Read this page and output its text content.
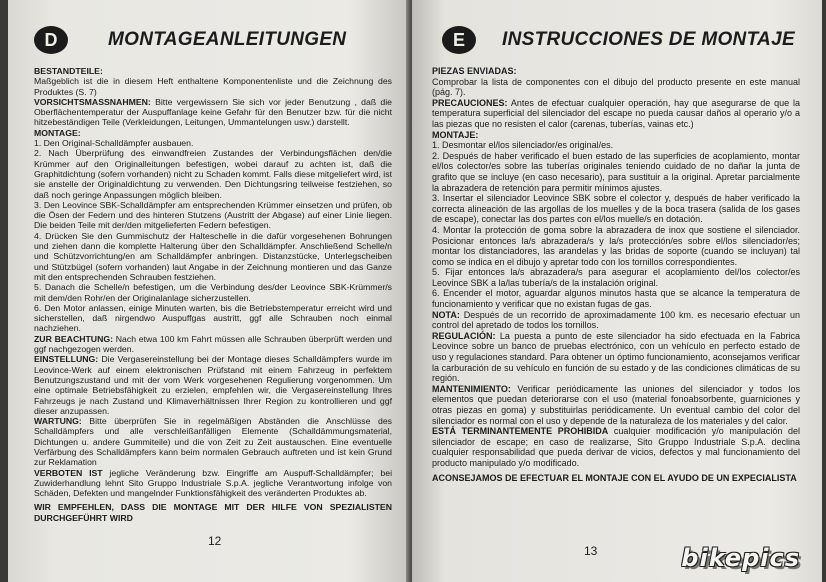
D	MONTAGEANLEITUNGEN

BESTANDTEILE:

Maßgeblich ist die in diesem Heft enthaltene Komponentenliste und die Zeichnung des Produktes (S. 7)

VORSICHTSMASSNAHMEN: Bitte vergewissern Sie sich vor jeder Benutzung , daß die Oberflächentemperatur der Auspuffanlage keine Gefahr für den Benutzer bzw. für die nicht hitzebeständigen Teile (Verkleidungen, Leitungen, Ummantelungen usw.) darstellt.

MONTAGE:

1. Den Original-Schalldämpfer ausbauen.

2. Nach Überprüfung des einwandfreien Zustandes der Verbindungsflächen den/die Krümmer auf den Originalleitungen befestigen, wobei darauf zu achten ist, daß die Graphitdichtung (sofern vorhanden) nicht zu Schaden kommt. Falls diese mitgeliefert wird, ist sie anstelle der Originaldichtung zu verwenden. Den Dichtungsring teilweise festziehen, so daß noch geringe Anpassungen möglich bleiben.

3. Den Leovince SBK-Schalldämpfer am entsprechenden Krümmer einsetzen und prüfen, ob die Ösen der Federn und des hinteren Stutzens (Austritt der Abgase) auf einer Linie liegen. Die beiden Teile mit der/den mitgelieferten Federn befestigen.

4. Drücken Sie den Gummischutz der Halteschelle in die dafür vorgesehenen Bohrungen und ziehen dann die komplette Halterung über den Schalldämpfer. Anschließend Schelle/n und Schützvorrichtung/en am Schalldämpfer anbringen. Distanzstücke, Unterlegscheiben und Stützbügel (sofern vorhanden) laut Angabe in der Zeichnung montieren und das Ganze mit den entsprechenden Schrauben festziehen.

5. Danach die Schelle/n befestigen, um die Verbindung des/der Leovince SBK-Krümmer/s mit dem/den Rohr/en der Originalanlage sicherzustellen.

6. Den Motor anlassen, einige Minuten warten, bis die Betriebstemperatur erreicht wird und sicherstellen, daß nirgendwo Auspuffgas austritt, ggf alle Schrauben noch einmal nachziehen.

ZUR BEACHTUNG: Nach etwa 100 km Fahrt müssen alle Schrauben überprüft werden und ggf nachgezogen werden.

EINSTELLUNG: Die Vergasereinstellung bei der Montage dieses Schalldämpfers wurde im Leovince-Werk auf einem elektronischen Prüfstand mit einem Fahrzeug in perfektem Benutzungszustand und mit der vom Werk vorgesehenen Regulierung vorgenommen. Um eine optimale Betriebsfähigkeit zu erzielen, empfehlen wir, die Vergasereinstellung Ihres Fahrzeugs je nach Zustand und Klimaverhältnissen Ihrer Region zu kontrollieren und ggf dieser anzupassen.

WARTUNG: Bitte überprüfen Sie in regelmäßigen Abständen die Anschlüsse des Schalldämpfers und alle verschleißanfälligen Elemente (Schalldämmungsmaterial, Dichtungen u. andere Gummiteile) und die von Zeit zu Zeit austauschen. Eine eventuelle Verfärbung des Schalldämpfers kann beim normalen Gebrauch auftreten und ist kein Grund zur Reklamation

VERBOTEN IST jegliche Veränderung bzw. Eingriffe am Auspuff-Schalldämpfer; bei Zuwiderhandlung lehnt Sito Gruppo Industriale S.p.A. jegliche Verantwortung infolge von Schäden, Defekten und mangelnder Funktionsfähigkeit des veränderten Produktes ab.

WIR EMPFEHLEN, DASS DIE MONTAGE MIT DER HILFE VON SPEZIALISTEN DURCHGEFÜHRT WIRD
12
E	INSTRUCCIONES DE MONTAJE

PIEZAS ENVIADAS:

Comprobar la lista de componentes con el dibujo del producto presente en este manual (pág. 7).

PRECAUCIONES: Antes de efectuar cualquier operación, hay que asegurarse de que la temperatura superficial del silenciador del escape no pueda causar daños al operario y/o a las piezas que no resisten el calor (carenas, tuberías, vainas etc.)

MONTAJE:

1. Desmontar el/los silenciador/es original/es.

2. Después de haber verificado el buen estado de las superficies de acoplamiento, montar el/los colector/es sobre las tuberías originales teniendo cuidado de no dañar la junta de grafito que se incluye (en caso necesario), para sustituir a la original. Apretar parcialmente la abrazadera de retención para permitir mínimos ajustes.

3. Insertar el silenciador Leovince SBK sobre el colector y, después de haber verificado la correcta alineación de las argollas de los muelles y de la boca trasera (salida de los gases de escape), conectar las dos partes con el/los muelle/s en dotación.

4. Montar la protección de goma sobre la abrazadera de inox que sostiene el silenciador. Posicionar entonces la/s abrazadera/s y la/s protección/es sobre el/los silenciador/es; montar los distanciadores, las arandelas y las bridas de soporte (cuando se incluyan) tal como se indica en el dibujo y apretar todo con los tornillos correspondientes.

5. Fijar entonces la/s abrazadera/s para asegurar el acoplamiento del/los colector/es Leovince SBK a la/las tubería/s de la instalación original.

6. Encender el motor, aguardar algunos minutos hasta que se alcance la temperatura de funcionamiento y verificar que no existan fugas de gas.

NOTA: Después de un recorrido de aproximadamente 100 km. es necesario efectuar un control del apretado de todos los tornillos.

REGULACIÓN: La puesta a punto de este silenciador ha sido efectuada en la Fabrica Leovince sobre un banco de pruebas electrónico, con un vehículo en perfecto estado de uso y regulaciones standard. Para obtener un óptimo funcionamiento, aconsejamos verificar la carburación de su vehículo en función de su estado y de las condiciones climáticas de su región.

MANTENIMIENTO: Verificar periódicamente las uniones del silenciador y todos los elementos que puedan deteriorarse con el uso (material fonoabsorbente, guarniciones y otras piezas en goma) y substituirlas periódicamente. Un eventual cambio del color del silenciador es normal con el uso y depende de la naturaleza de los materiales y del calor.

ESTÁ TERMINANTEMENTE PROHIBIDA cualquier modificación y/o manipulación del silenciador de escape; en caso de realizarse, Sito Gruppo Industriale S.p.A. declina cualquier responsabilidad que pueda derivar de vicios, defectos y mal funcionamiento del producto manipulado y/o modificado.

ACONSEJAMOS DE EFECTUAR EL MONTAJE CON EL AYUDO DE UN EXPECIALISTA
13	bikepics
